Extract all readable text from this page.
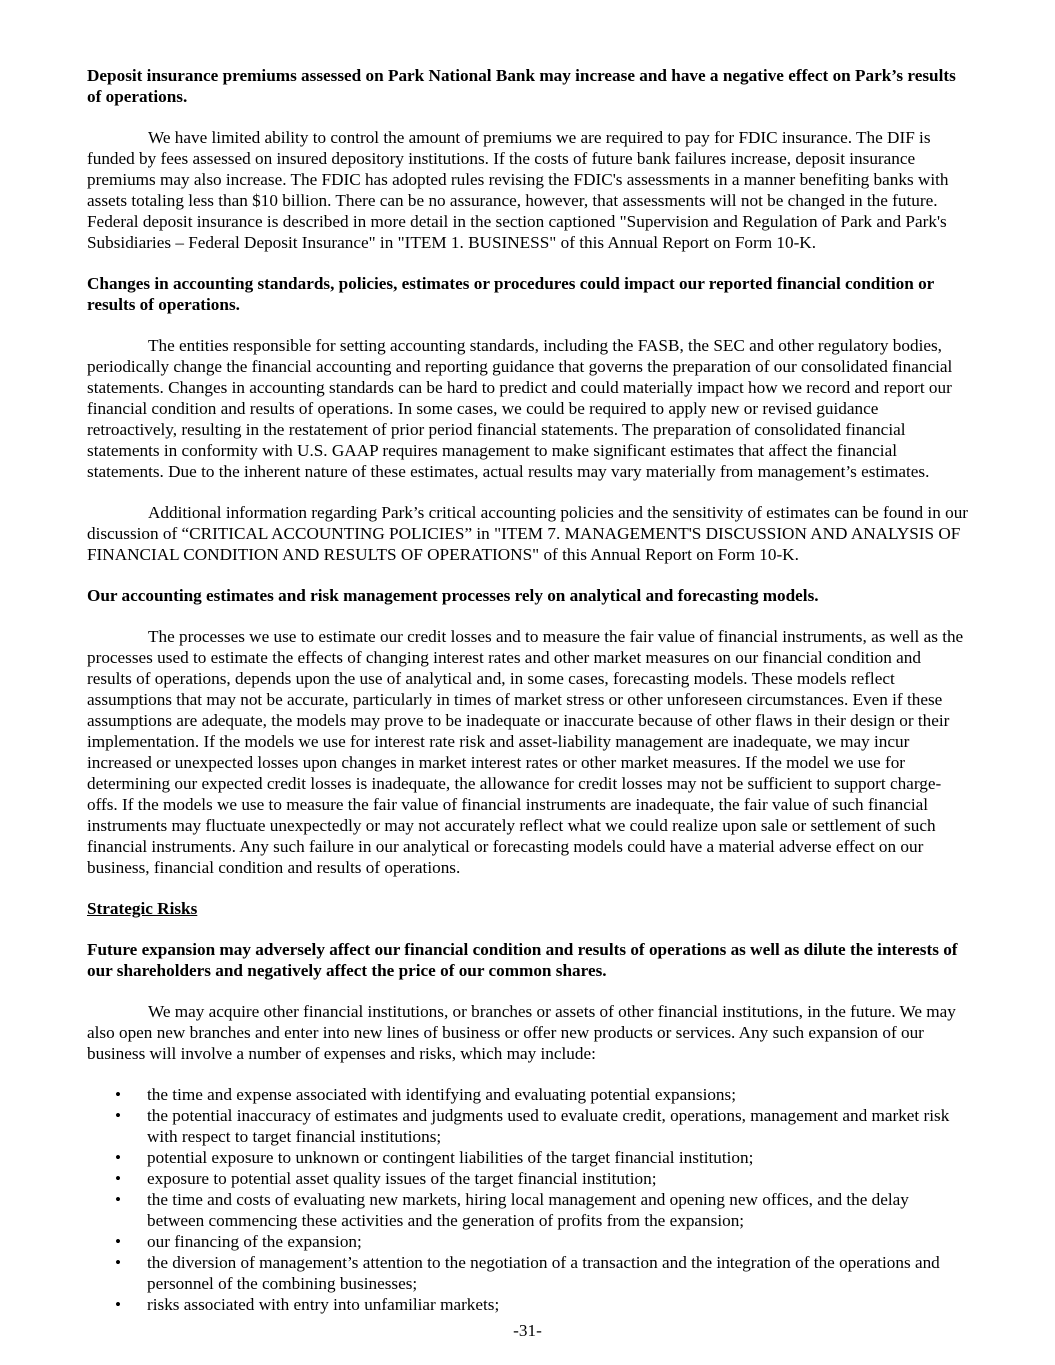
Deposit insurance premiums assessed on Park National Bank may increase and have a negative effect on Park’s results of operations.

We have limited ability to control the amount of premiums we are required to pay for FDIC insurance. The DIF is funded by fees assessed on insured depository institutions. If the costs of future bank failures increase, deposit insurance premiums may also increase. The FDIC has adopted rules revising the FDIC's assessments in a manner benefiting banks with assets totaling less than $10 billion. There can be no assurance, however, that assessments will not be changed in the future. Federal deposit insurance is described in more detail in the section captioned "Supervision and Regulation of Park and Park's Subsidiaries – Federal Deposit Insurance" in "ITEM 1. BUSINESS" of this Annual Report on Form 10-K.

Changes in accounting standards, policies, estimates or procedures could impact our reported financial condition or results of operations.

The entities responsible for setting accounting standards, including the FASB, the SEC and other regulatory bodies, periodically change the financial accounting and reporting guidance that governs the preparation of our consolidated financial statements. Changes in accounting standards can be hard to predict and could materially impact how we record and report our financial condition and results of operations. In some cases, we could be required to apply new or revised guidance retroactively, resulting in the restatement of prior period financial statements. The preparation of consolidated financial statements in conformity with U.S. GAAP requires management to make significant estimates that affect the financial statements. Due to the inherent nature of these estimates, actual results may vary materially from management’s estimates.

Additional information regarding Park’s critical accounting policies and the sensitivity of estimates can be found in our discussion of “CRITICAL ACCOUNTING POLICIES” in "ITEM 7. MANAGEMENT'S DISCUSSION AND ANALYSIS OF FINANCIAL CONDITION AND RESULTS OF OPERATIONS" of this Annual Report on Form 10-K.

Our accounting estimates and risk management processes rely on analytical and forecasting models.

The processes we use to estimate our credit losses and to measure the fair value of financial instruments, as well as the processes used to estimate the effects of changing interest rates and other market measures on our financial condition and results of operations, depends upon the use of analytical and, in some cases, forecasting models. These models reflect assumptions that may not be accurate, particularly in times of market stress or other unforeseen circumstances. Even if these assumptions are adequate, the models may prove to be inadequate or inaccurate because of other flaws in their design or their implementation. If the models we use for interest rate risk and asset-liability management are inadequate, we may incur increased or unexpected losses upon changes in market interest rates or other market measures. If the model we use for determining our expected credit losses is inadequate, the allowance for credit losses may not be sufficient to support charge-offs. If the models we use to measure the fair value of financial instruments are inadequate, the fair value of such financial instruments may fluctuate unexpectedly or may not accurately reflect what we could realize upon sale or settlement of such financial instruments. Any such failure in our analytical or forecasting models could have a material adverse effect on our business, financial condition and results of operations.

Strategic Risks

Future expansion may adversely affect our financial condition and results of operations as well as dilute the interests of our shareholders and negatively affect the price of our common shares.

We may acquire other financial institutions, or branches or assets of other financial institutions, in the future. We may also open new branches and enter into new lines of business or offer new products or services. Any such expansion of our business will involve a number of expenses and risks, which may include:

• the time and expense associated with identifying and evaluating potential expansions;
• the potential inaccuracy of estimates and judgments used to evaluate credit, operations, management and market risk with respect to target financial institutions;
• potential exposure to unknown or contingent liabilities of the target financial institution;
• exposure to potential asset quality issues of the target financial institution;
• the time and costs of evaluating new markets, hiring local management and opening new offices, and the delay between commencing these activities and the generation of profits from the expansion;
• our financing of the expansion;
• the diversion of management’s attention to the negotiation of a transaction and the integration of the operations and personnel of the combining businesses;
• risks associated with entry into unfamiliar markets;
-31-
